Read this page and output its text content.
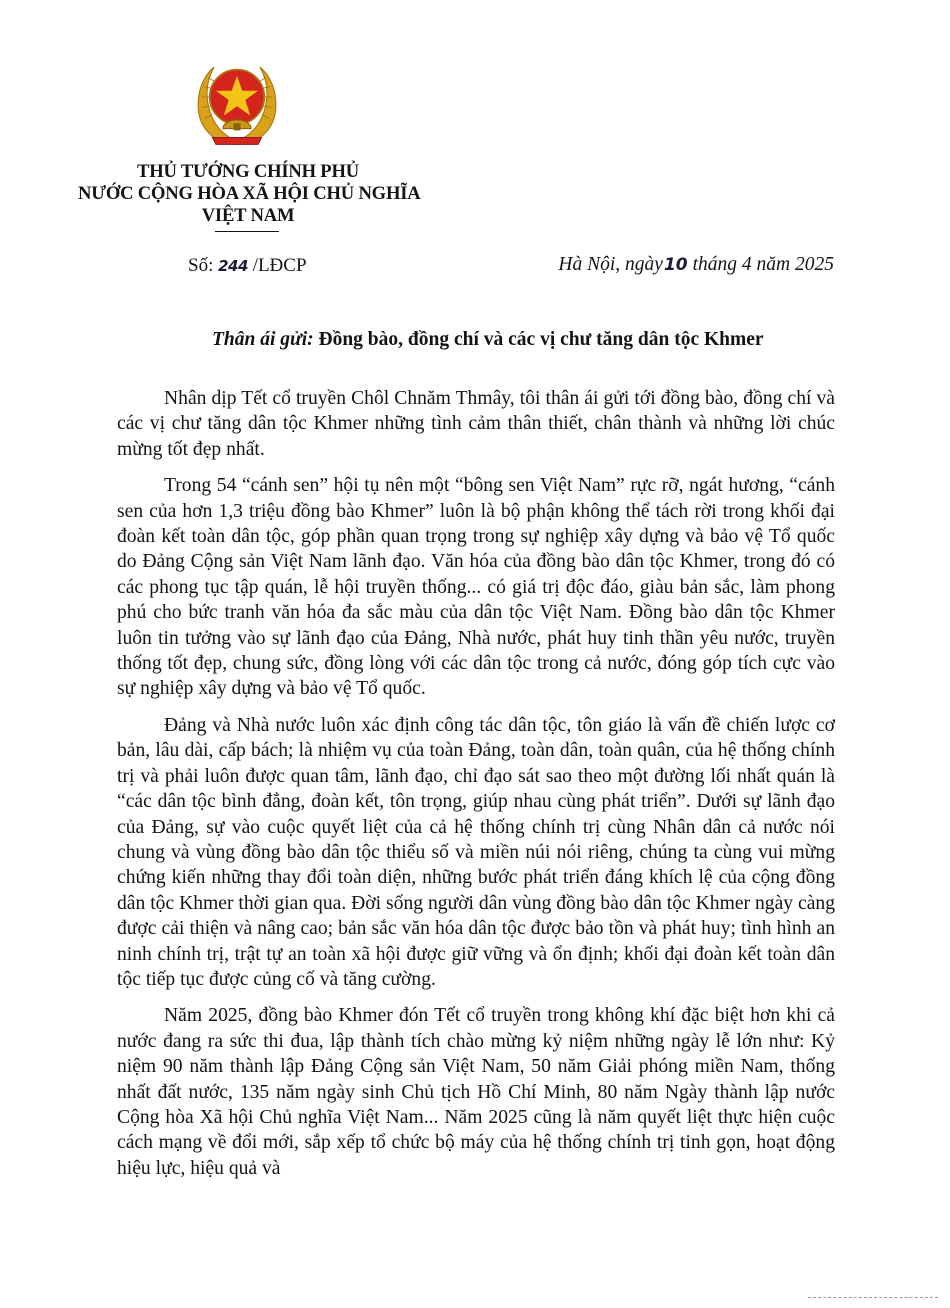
THỦ TƯỚNG CHÍNH PHỦ
NƯỚC CỘNG HÒA XÃ HỘI CHỦ NGHĨA
VIỆT NAM
Số: 244 /LĐCP	Hà Nội, ngày10 tháng 4 năm 2025
Thân ái gửi: Đồng bào, đồng chí và các vị chư tăng dân tộc Khmer

Nhân dịp Tết cổ truyền Chôl Chnăm Thmây, tôi thân ái gửi tới đồng bào, đồng chí và các vị chư tăng dân tộc Khmer những tình cảm thân thiết, chân thành và những lời chúc mừng tốt đẹp nhất.

Trong 54 “cánh sen” hội tụ nên một “bông sen Việt Nam” rực rỡ, ngát hương, “cánh sen của hơn 1,3 triệu đồng bào Khmer” luôn là bộ phận không thể tách rời trong khối đại đoàn kết toàn dân tộc, góp phần quan trọng trong sự nghiệp xây dựng và bảo vệ Tổ quốc do Đảng Cộng sản Việt Nam lãnh đạo. Văn hóa của đồng bào dân tộc Khmer, trong đó có các phong tục tập quán, lễ hội truyền thống... có giá trị độc đáo, giàu bản sắc, làm phong phú cho bức tranh văn hóa đa sắc màu của dân tộc Việt Nam. Đồng bào dân tộc Khmer luôn tin tưởng vào sự lãnh đạo của Đảng, Nhà nước, phát huy tinh thần yêu nước, truyền thống tốt đẹp, chung sức, đồng lòng với các dân tộc trong cả nước, đóng góp tích cực vào sự nghiệp xây dựng và bảo vệ Tổ quốc.

Đảng và Nhà nước luôn xác định công tác dân tộc, tôn giáo là vấn đề chiến lược cơ bản, lâu dài, cấp bách; là nhiệm vụ của toàn Đảng, toàn dân, toàn quân, của hệ thống chính trị và phải luôn được quan tâm, lãnh đạo, chỉ đạo sát sao theo một đường lối nhất quán là “các dân tộc bình đẳng, đoàn kết, tôn trọng, giúp nhau cùng phát triển”. Dưới sự lãnh đạo của Đảng, sự vào cuộc quyết liệt của cả hệ thống chính trị cùng Nhân dân cả nước nói chung và vùng đồng bào dân tộc thiểu số và miền núi nói riêng, chúng ta cùng vui mừng chứng kiến những thay đổi toàn diện, những bước phát triển đáng khích lệ của cộng đồng dân tộc Khmer thời gian qua. Đời sống người dân vùng đồng bào dân tộc Khmer ngày càng được cải thiện và nâng cao; bản sắc văn hóa dân tộc được bảo tồn và phát huy; tình hình an ninh chính trị, trật tự an toàn xã hội được giữ vững và ổn định; khối đại đoàn kết toàn dân tộc tiếp tục được củng cố và tăng cường.

Năm 2025, đồng bào Khmer đón Tết cổ truyền trong không khí đặc biệt hơn khi cả nước đang ra sức thi đua, lập thành tích chào mừng kỷ niệm những ngày lễ lớn như: Kỷ niệm 90 năm thành lập Đảng Cộng sản Việt Nam, 50 năm Giải phóng miền Nam, thống nhất đất nước, 135 năm ngày sinh Chủ tịch Hồ Chí Minh, 80 năm Ngày thành lập nước Cộng hòa Xã hội Chủ nghĩa Việt Nam... Năm 2025 cũng là năm quyết liệt thực hiện cuộc cách mạng về đổi mới, sắp xếp tổ chức bộ máy của hệ thống chính trị tinh gọn, hoạt động hiệu lực, hiệu quả và
